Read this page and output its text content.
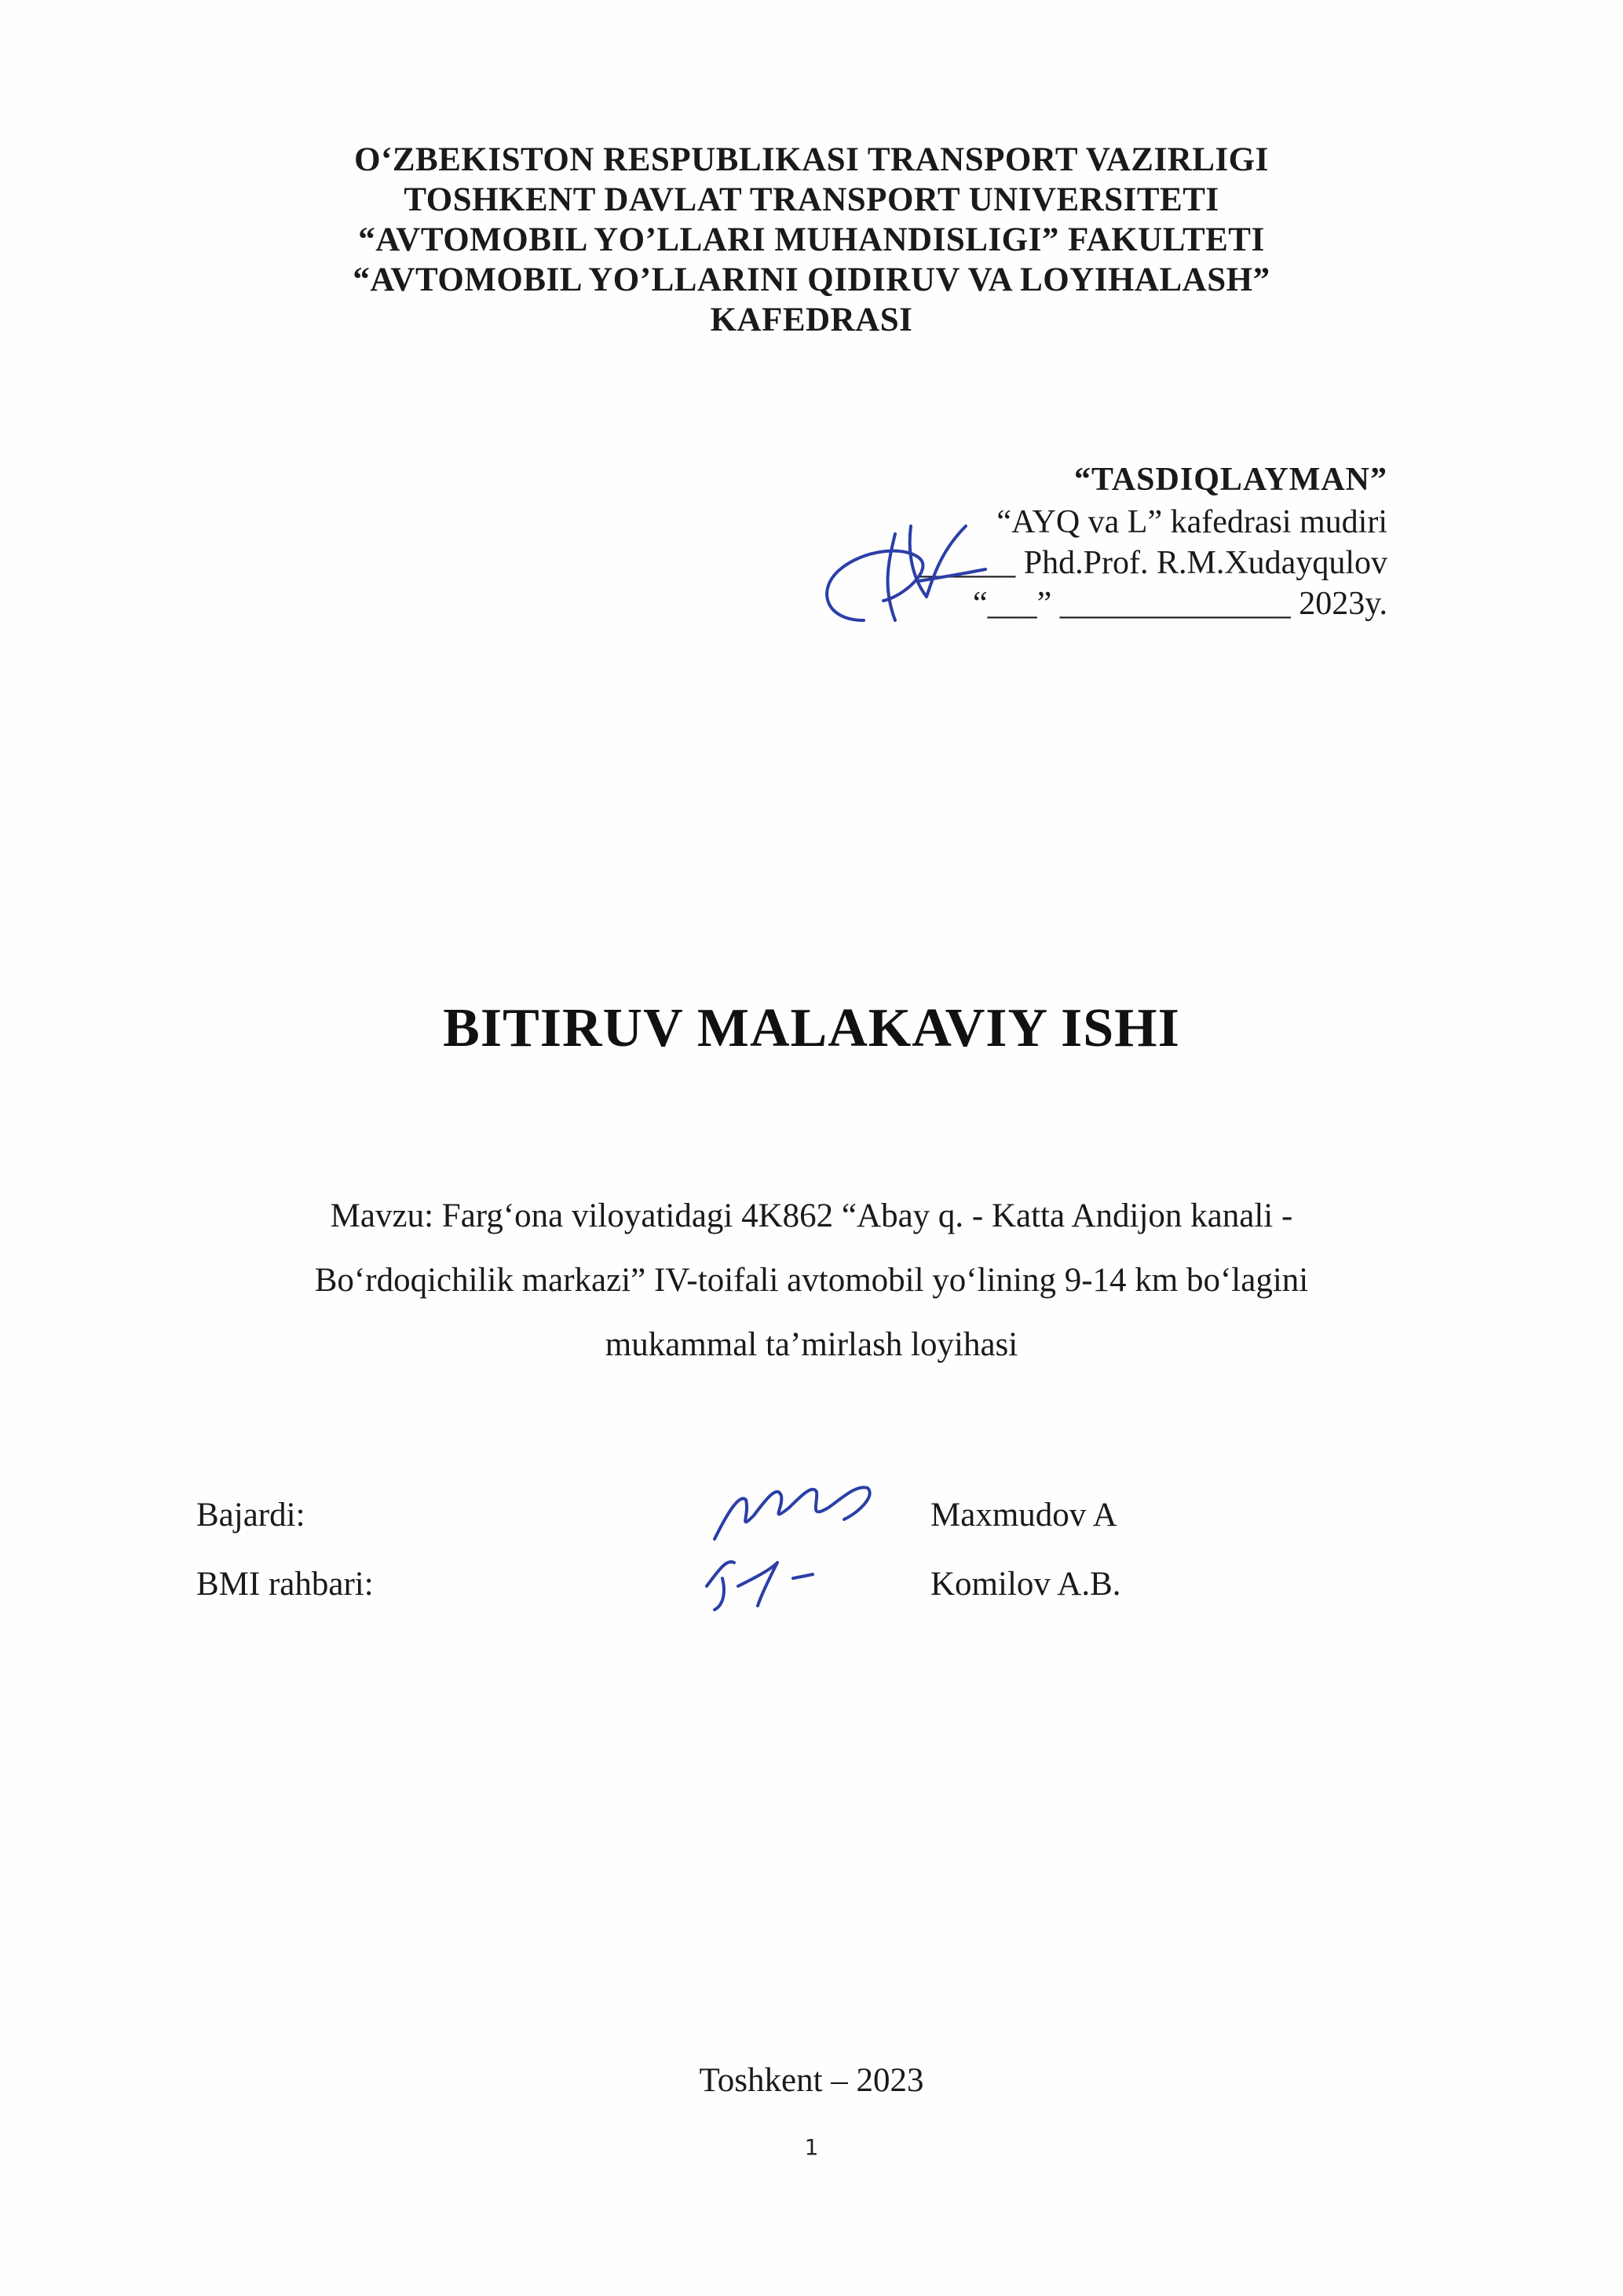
O‘ZBEKISTON RESPUBLIKASI TRANSPORT VAZIRLIGI
TOSHKENT DAVLAT TRANSPORT UNIVERSITETI
“AVTOMOBIL YO’LLARI MUHANDISLIGI” FAKULTETI
“AVTOMOBIL YO’LLARINI QIDIRUV VA LOYIHALASH”
KAFEDRASI
“TASDIQLAYMAN”
“AYQ va L” kafedrasi mudiri
______ Phd.Prof. R.M.Xudayqulov
“___” ______________ 2023y.
BITIRUV MALAKAVIY ISHI
Mavzu: Farg‘ona viloyatidagi 4K862 “Abay q. - Katta Andijon kanali -
Bo‘rdoqichilik markazi” IV-toifali avtomobil yo‘lining 9-14 km bo‘lagini
mukammal ta’mirlash loyihasi
Bajardi:	Maxmudov A
BMI rahbari:	Komilov A.B.
Toshkent – 2023
1
